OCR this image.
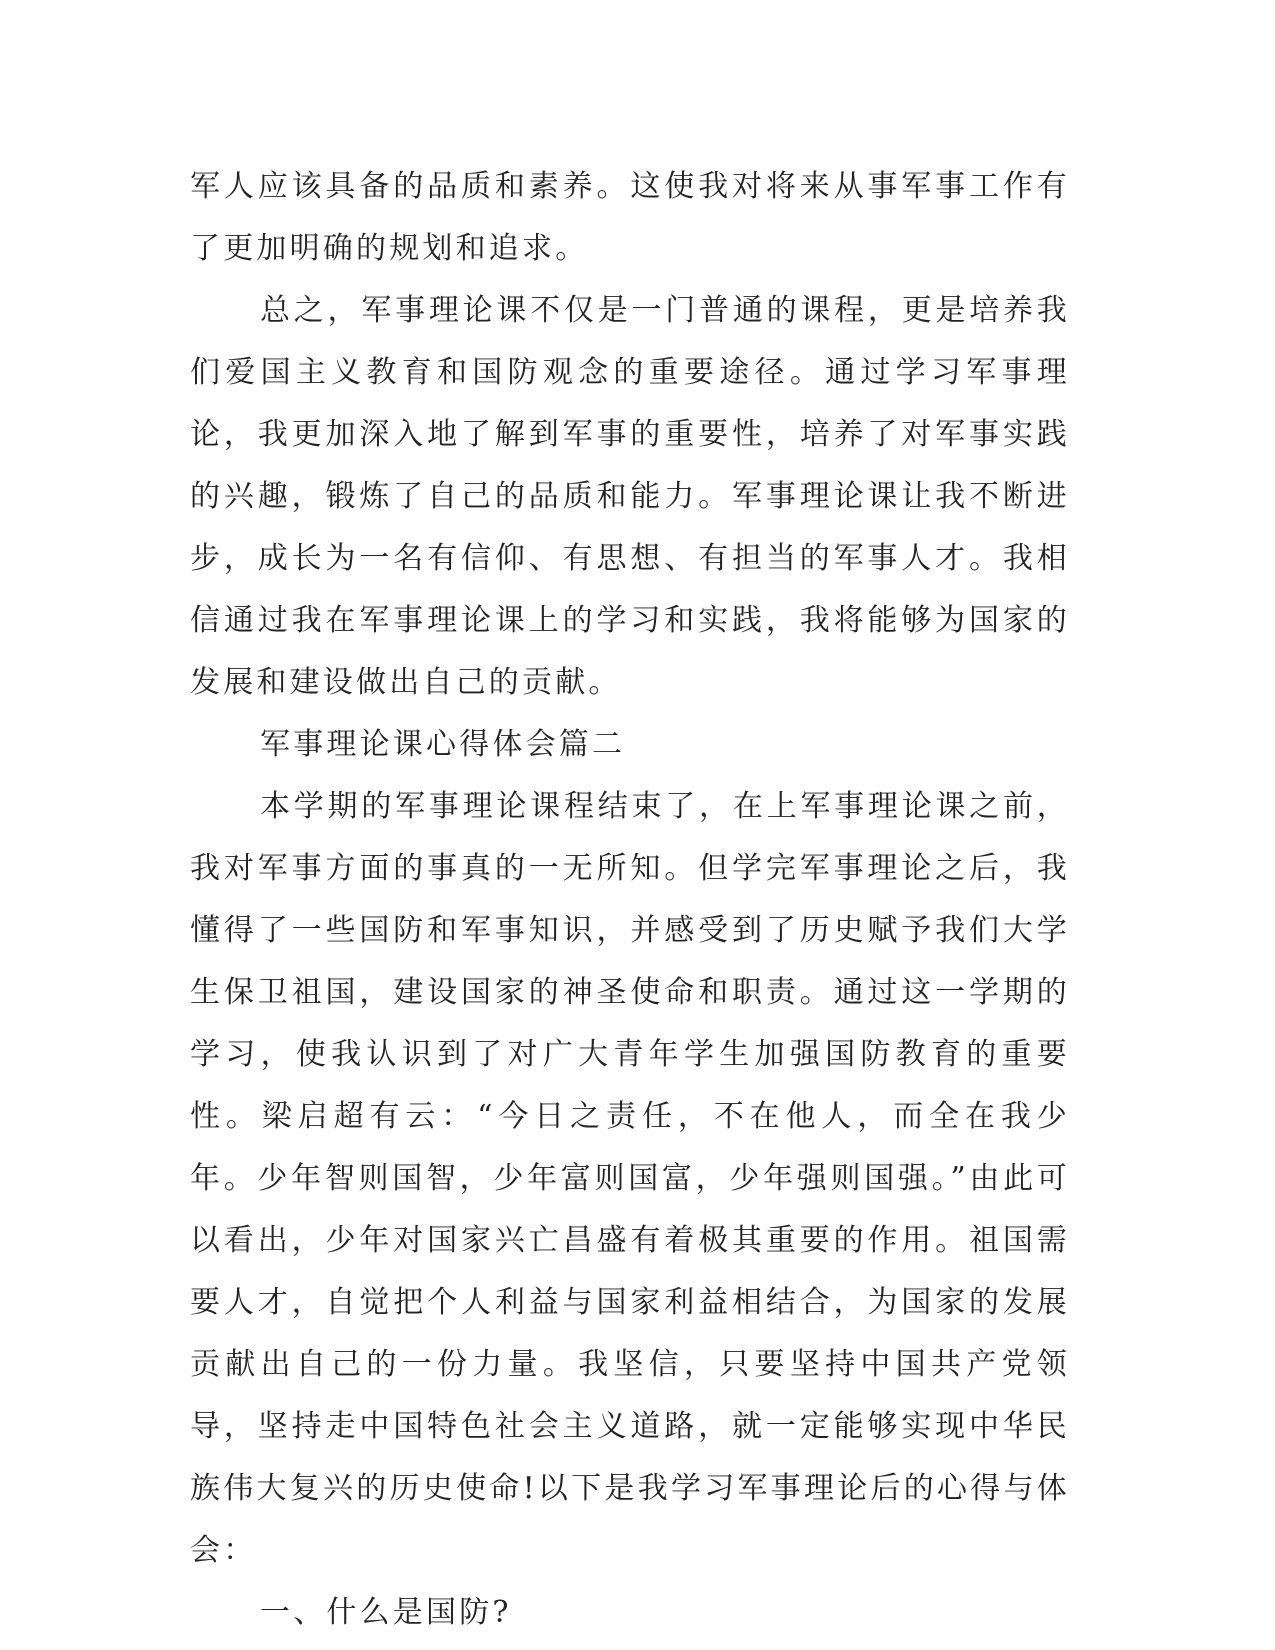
军人应该具备的品质和素养。这使我对将来从事军事工作有了更加明确的规划和追求。

总之，军事理论课不仅是一门普通的课程，更是培养我们爱国主义教育和国防观念的重要途径。通过学习军事理论，我更加深入地了解到军事的重要性，培养了对军事实践的兴趣，锻炼了自己的品质和能力。军事理论课让我不断进步，成长为一名有信仰、有思想、有担当的军事人才。我相信通过我在军事理论课上的学习和实践，我将能够为国家的发展和建设做出自己的贡献。

军事理论课心得体会篇二

本学期的军事理论课程结束了，在上军事理论课之前，我对军事方面的事真的一无所知。但学完军事理论之后，我懂得了一些国防和军事知识，并感受到了历史赋予我们大学生保卫祖国，建设国家的神圣使命和职责。通过这一学期的学习，使我认识到了对广大青年学生加强国防教育的重要性。梁启超有云：“今日之责任，不在他人，而全在我少年。少年智则国智，少年富则国富，少年强则国强。”由此可以看出，少年对国家兴亡昌盛有着极其重要的作用。祖国需要人才，自觉把个人利益与国家利益相结合，为国家的发展贡献出自己的一份力量。我坚信，只要坚持中国共产党领导，坚持走中国特色社会主义道路，就一定能够实现中华民族伟大复兴的历史使命!以下是我学习军事理论后的心得与体会：

一、什么是国防?
